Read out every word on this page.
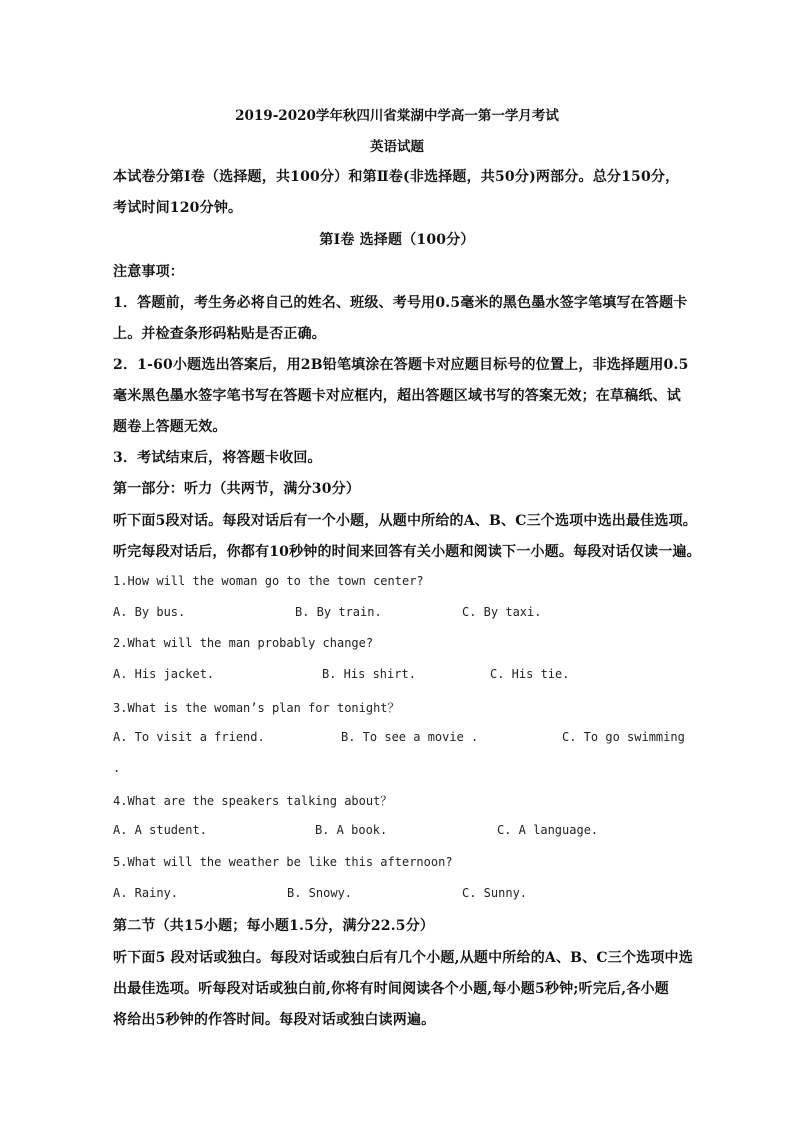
2019-2020学年秋四川省棠湖中学高一第一学月考试
英语试题
本试卷分第Ⅰ卷（选择题，共100分）和第Ⅱ卷(非选择题，共50分)两部分。总分150分，
考试时间120分钟。
第Ⅰ卷 选择题（100分）
注意事项：
1．答题前，考生务必将自己的姓名、班级、考号用0.5毫米的黑色墨水签字笔填写在答题卡
上。并检查条形码粘贴是否正确。
2．1-60小题选出答案后，用2B铅笔填涂在答题卡对应题目标号的位置上，非选择题用0.5
毫米黑色墨水签字笔书写在答题卡对应框内，超出答题区域书写的答案无效；在草稿纸、试
题卷上答题无效。
3．考试结束后，将答题卡收回。
第一部分：听力（共两节，满分30分）
听下面5段对话。每段对话后有一个小题，从题中所给的A、B、C三个选项中选出最佳选项。
听完每段对话后，你都有10秒钟的时间来回答有关小题和阅读下一小题。每段对话仅读一遍。
1.How will the woman go to the town center?
A. By bus.	B. By train.	C. By taxi.
2.What will the man probably change?
A. His jacket.	B. His shirt.	C. His tie.
3.What is the woman’s plan for tonight？
A. To visit a friend.	B. To see a movie .	C. To go swimming
.
4.What are the speakers talking about？
A. A student.	B. A book.	C. A language.
5.What will the weather be like this afternoon?
A. Rainy.	B. Snowy.	C. Sunny.
第二节（共15小题；每小题1.5分，满分22.5分）
听下面5 段对话或独白。每段对话或独白后有几个小题,从题中所给的A、B、C三个选项中选
出最佳选项。听每段对话或独白前,你将有时间阅读各个小题,每小题5秒钟;听完后,各小题
将给出5秒钟的作答时间。每段对话或独白读两遍。
